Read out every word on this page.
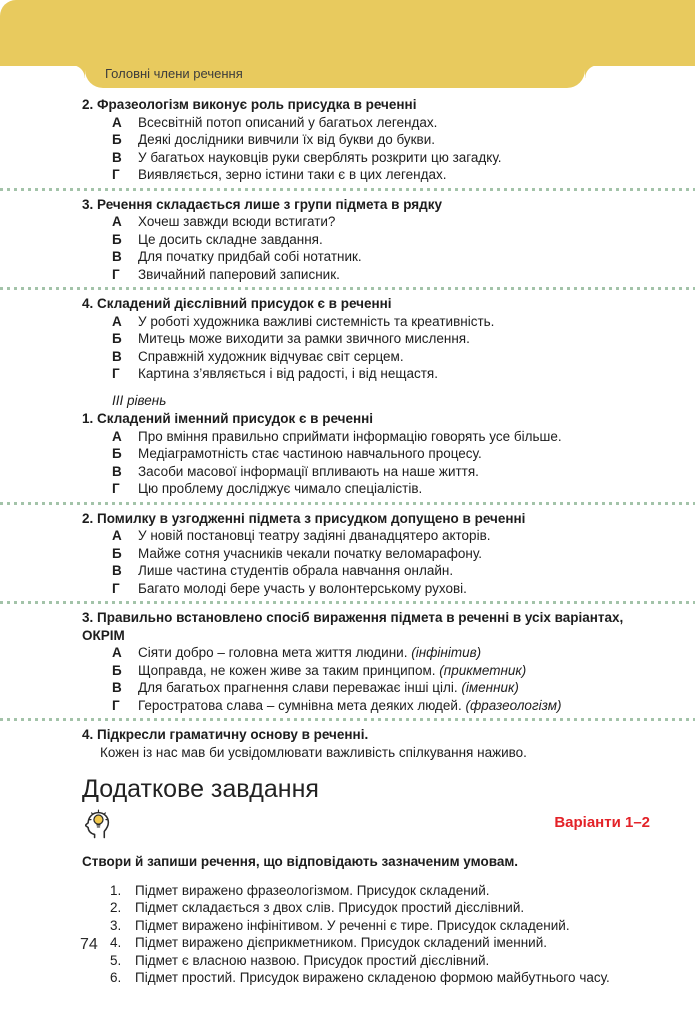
Головні члени речення
2. Фразеологізм виконує роль присудка в реченні
А	Всесвітній потоп описаний у багатьох легендах.
Б	Деякі дослідники вивчили їх від букви до букви.
В	У багатьох науковців руки сверблять розкрити цю загадку.
Г	Виявляється, зерно істини таки є в цих легендах.
3. Речення складається лише з групи підмета в рядку
А	Хочеш завжди всюди встигати?
Б	Це досить складне завдання.
В	Для початку придбай собі нотатник.
Г	Звичайний паперовий записник.
4. Складений дієслівний присудок є в реченні
А	У роботі художника важливі системність та креативність.
Б	Митець може виходити за рамки звичного мислення.
В	Справжній художник відчуває світ серцем.
Г	Картина з’являється і від радості, і від нещастя.
III рівень
1. Складений іменний присудок є в реченні
А	Про вміння правильно сприймати інформацію говорять усе більше.
Б	Медіаграмотність стає частиною навчального процесу.
В	Засоби масової інформації впливають на наше життя.
Г	Цю проблему досліджує чимало спеціалістів.
2. Помилку в узгодженні підмета з присудком допущено в реченні
А	У новій постановці театру задіяні дванадцятеро акторів.
Б	Майже сотня учасників чекали початку веломарафону.
В	Лише частина студентів обрала навчання онлайн.
Г	Багато молоді бере участь у волонтерському рухові.
3. Правильно встановлено спосіб вираження підмета в реченні в усіх варіантах, ОКРІМ
А	Сіяти добро – головна мета життя людини. (інфінітив)
Б	Щоправда, не кожен живе за таким принципом. (прикметник)
В	Для багатьох прагнення слави переважає інші цілі. (іменник)
Г	Геростратова слава – сумнівна мета деяких людей. (фразеологізм)
4. Підкресли граматичну основу в реченні.
Кожен із нас мав би усвідомлювати важливість спілкування наживо.
Додаткове завдання
Варіанти 1–2
Створи й запиши речення, що відповідають зазначеним умовам.
1.	Підмет виражено фразеологізмом. Присудок складений.
2.	Підмет складається з двох слів. Присудок простий дієслівний.
3.	Підмет виражено інфінітивом. У реченні є тире. Присудок складений.
4.	Підмет виражено дієприкметником. Присудок складений іменний.
5.	Підмет є власною назвою. Присудок простий дієслівний.
6.	Підмет простий. Присудок виражено складеною формою майбутнього часу.
74
